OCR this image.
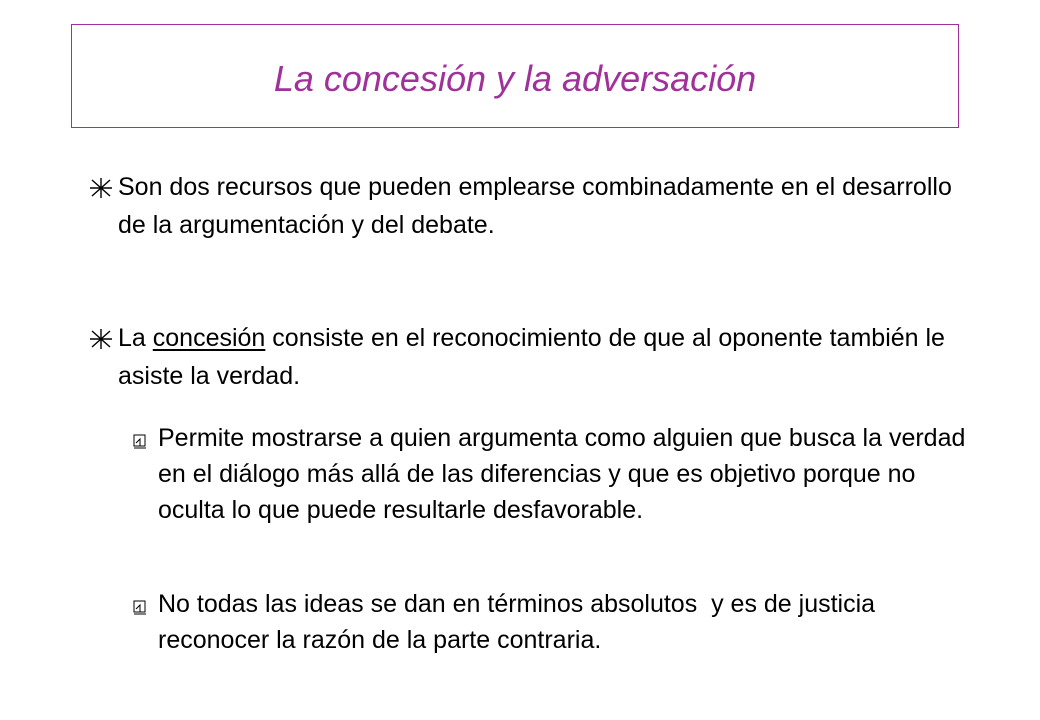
La concesión y la adversación
Son dos recursos que pueden emplearse combinadamente en el desarrollo de la argumentación y del debate.
La concesión consiste en el reconocimiento de que al oponente también le asiste la verdad.
Permite mostrarse a quien argumenta como alguien que busca la verdad en el diálogo más allá de las diferencias y que es objetivo porque no oculta lo que puede resultarle desfavorable.
No todas las ideas se dan en términos absolutos  y es de justicia reconocer la razón de la parte contraria.
